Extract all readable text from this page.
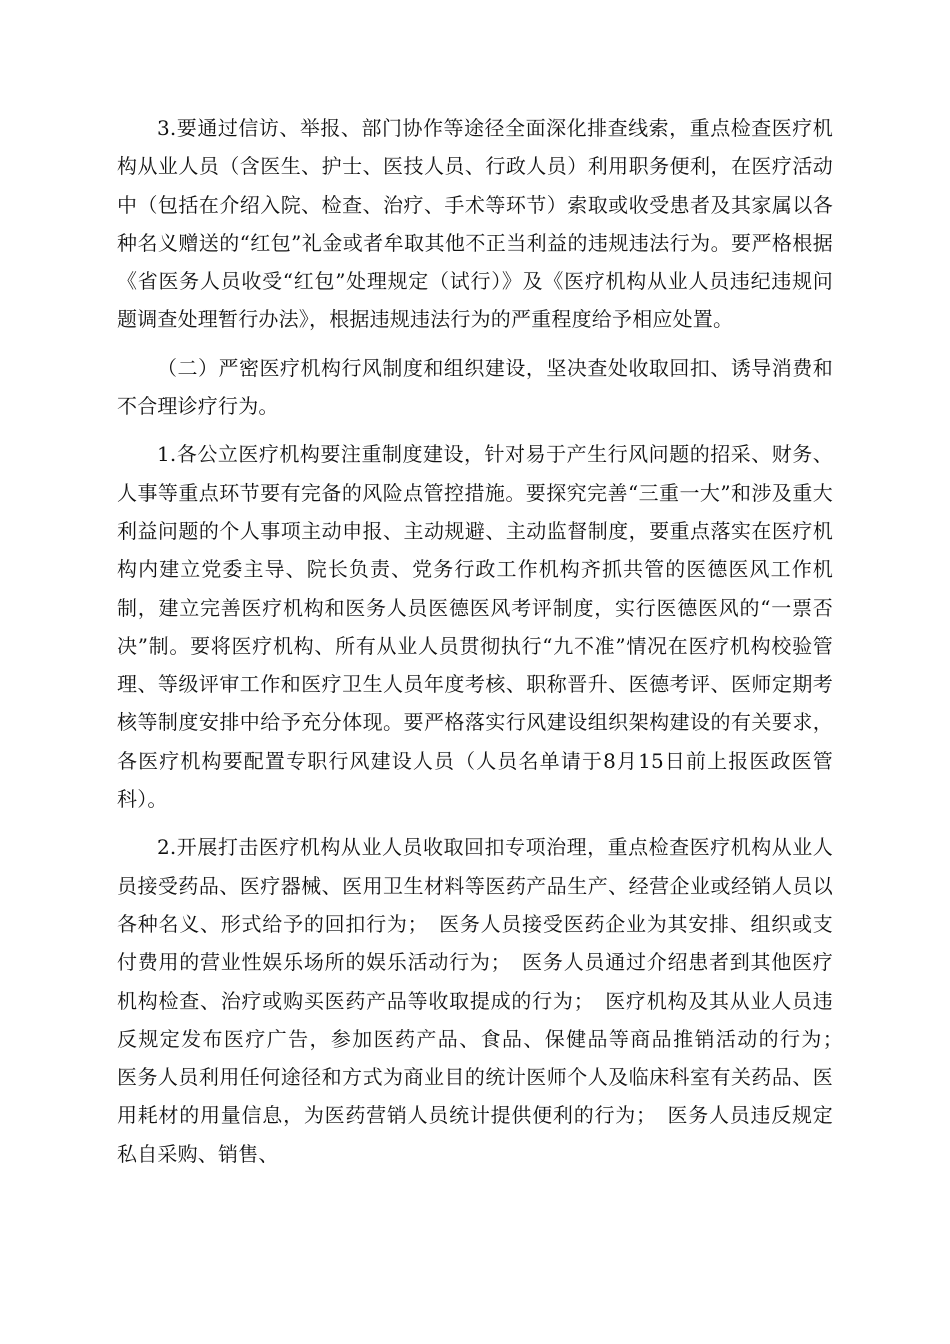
3.要通过信访、举报、部门协作等途径全面深化排查线索，重点检查医疗机构从业人员（含医生、护士、医技人员、行政人员）利用职务便利，在医疗活动中（包括在介绍入院、检查、治疗、手术等环节）索取或收受患者及其家属以各种名义赠送的“红包”礼金或者牟取其他不正当利益的违规违法行为。要严格根据《省医务人员收受“红包”处理规定（试行）》及《医疗机构从业人员违纪违规问题调查处理暂行办法》，根据违规违法行为的严重程度给予相应处置。

（二）严密医疗机构行风制度和组织建设，坚决查处收取回扣、诱导消费和不合理诊疗行为。

1.各公立医疗机构要注重制度建设，针对易于产生行风问题的招采、财务、人事等重点环节要有完备的风险点管控措施。要探究完善“三重一大”和涉及重大利益问题的个人事项主动申报、主动规避、主动监督制度，要重点落实在医疗机构内建立党委主导、院长负责、党务行政工作机构齐抓共管的医德医风工作机制，建立完善医疗机构和医务人员医德医风考评制度，实行医德医风的“一票否决”制。要将医疗机构、所有从业人员贯彻执行“九不准”情况在医疗机构校验管理、等级评审工作和医疗卫生人员年度考核、职称晋升、医德考评、医师定期考核等制度安排中给予充分体现。要严格落实行风建设组织架构建设的有关要求，各医疗机构要配置专职行风建设人员（人员名单请于8月15日前上报医政医管科）。

2.开展打击医疗机构从业人员收取回扣专项治理，重点检查医疗机构从业人员接受药品、医疗器械、医用卫生材料等医药产品生产、经营企业或经销人员以各种名义、形式给予的回扣行为；　医务人员接受医药企业为其安排、组织或支付费用的营业性娱乐场所的娱乐活动行为；　医务人员通过介绍患者到其他医疗机构检查、治疗或购买医药产品等收取提成的行为；　医疗机构及其从业人员违反规定发布医疗广告，参加医药产品、食品、保健品等商品推销活动的行为；　医务人员利用任何途径和方式为商业目的统计医师个人及临床科室有关药品、医用耗材的用量信息，为医药营销人员统计提供便利的行为；　医务人员违反规定私自采购、销售、
